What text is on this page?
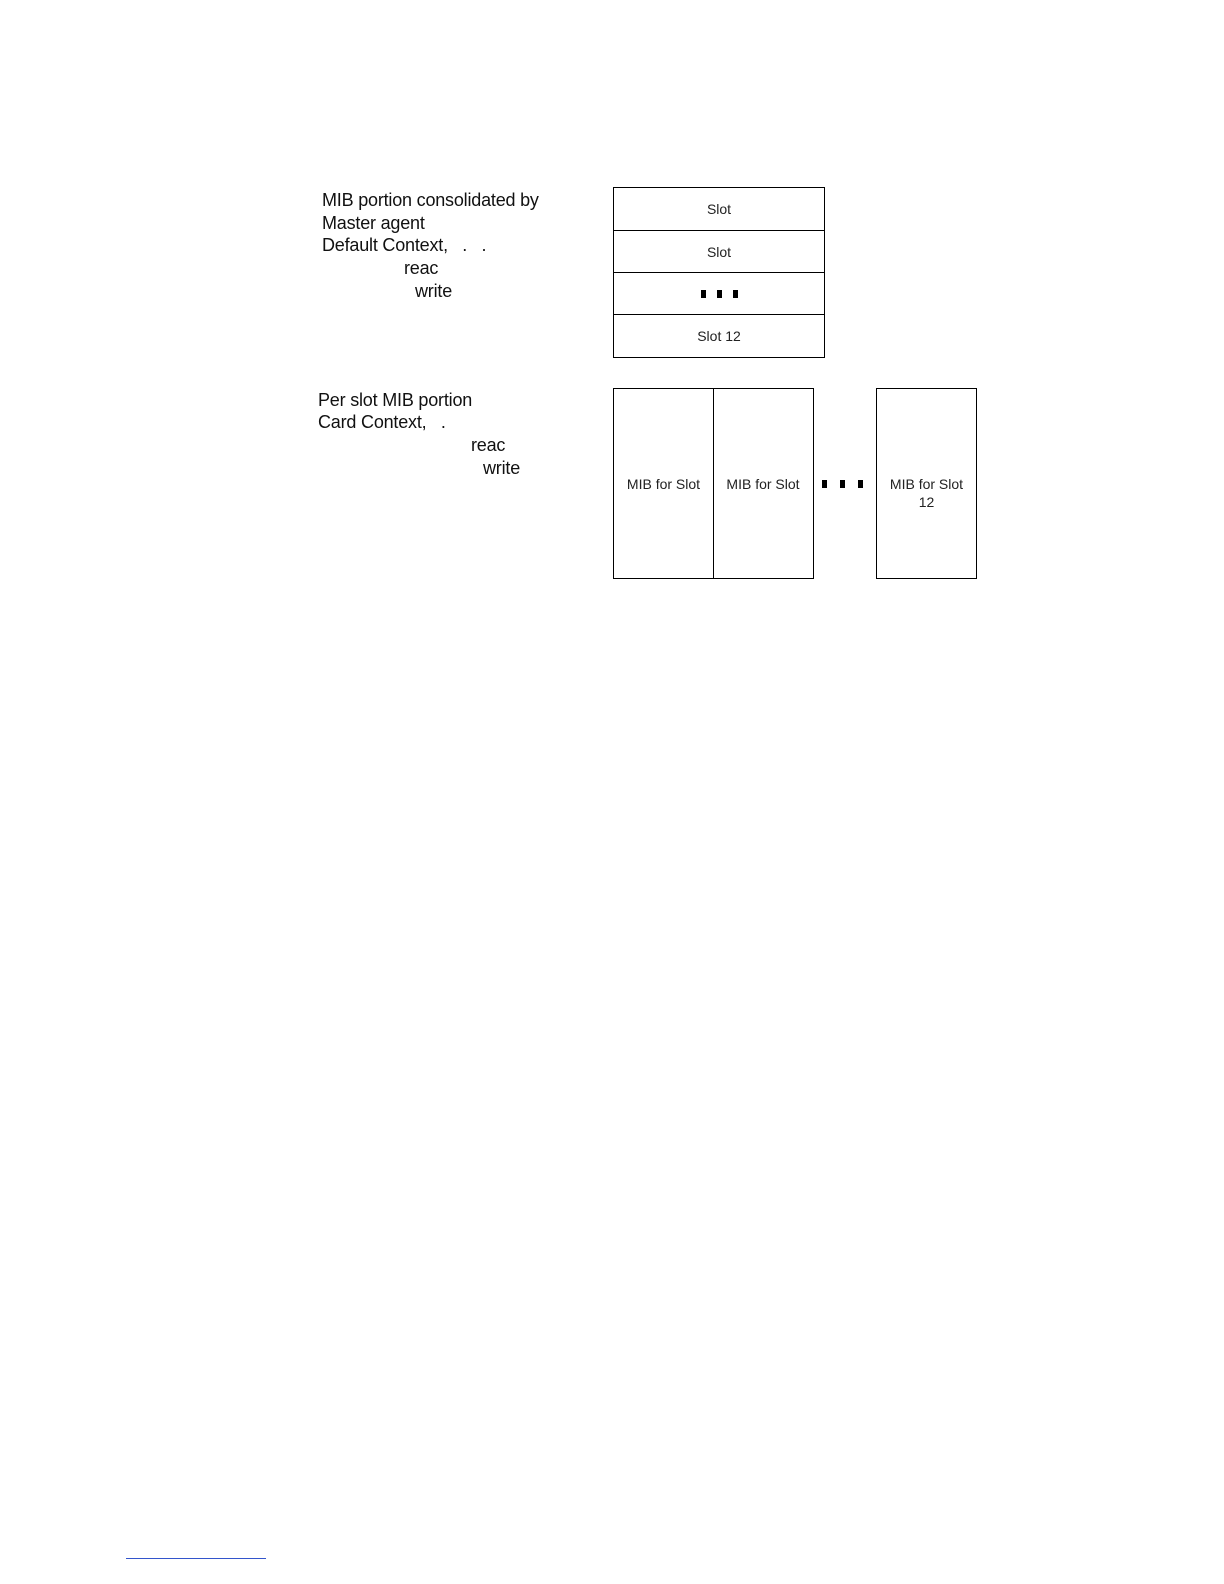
MIB portion consolidated by
Master agent
Default Context,   .   .
reac
write
Slot
Slot
Slot 12
Per slot MIB portion
Card Context,   .
reac
write
MIB for Slot MIB for Slot	MIB for Slot
12
